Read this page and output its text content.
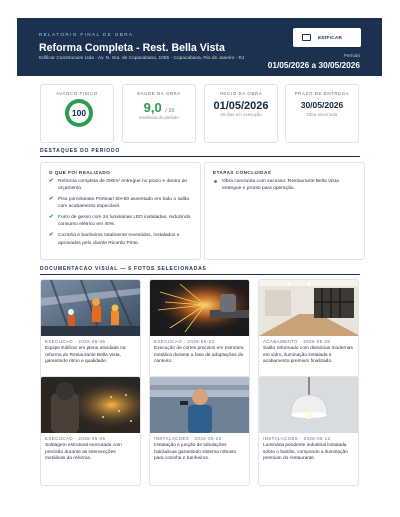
RELATORIO FINAL DE OBRA
Reforma Completa - Rest. Bella Vista
Edificar Construcoes Ltda · Av. N. Sra. de Copacabana, 1055 · Copacabana, Rio de Janeiro - RJ
EDIFICAR
Período
01/05/2026 a 30/05/2026
AVANCO FISICO
100
SAUDE DA OBRA
9,0 / 10
tendência do período
INICIO DA OBRA
01/05/2026
29 dias em execução
PRAZO DE ENTREGA
30/05/2026
Obra encerrada
DESTAQUES DO PERIODO
O QUE FOI REALIZADO
✔ Reforma completa de 200m² entregue no prazo e dentro do orçamento.
✔ Piso porcelanato Portinari 60×60 assentado em todo o salão com acabamento impecável.
✔ Forro de gesso com 24 luminárias LED instaladas, reduzindo consumo elétrico em 40%.
✔ Cozinha e banheiros totalmente revestidos, instalados e aprovados pelo cliente Ricardo Pinto.
ETAPAS CONCLUIDAS
Obra concluída com sucesso. Restaurante Bella Vista entregue e pronto para operação.
DOCUMENTACAO VISUAL — 6 FOTOS SELECIONADAS
EXECUCAO · 2026-05-06
Equipe Edificar em plena atividade na reforma do Restaurante Bella Vista, garantindo ritmo e qualidade.
EXECUCAO · 2026-05-23
Execução de cortes precisos em estrutura metálica durante a fase de adaptações do canteiro.
ACABAMENTO · 2026-05-28
Salão reformado com divisórias modernas em vidro, iluminação instalada e acabamento premium finalizado.
EXECUCAO · 2026-05-26
Soldagem estrutural executada com precisão durante as intervenções metálicas da reforma.
INSTALACOES · 2026-05-22
Instalação e junção de tubulações hidráulicas garantindo sistema robusto para cozinha e banheiros.
INSTALACOES · 2026-05-12
Luminária pendente industrial instalada sobre o balcão, compondo a iluminação premium do restaurante.
